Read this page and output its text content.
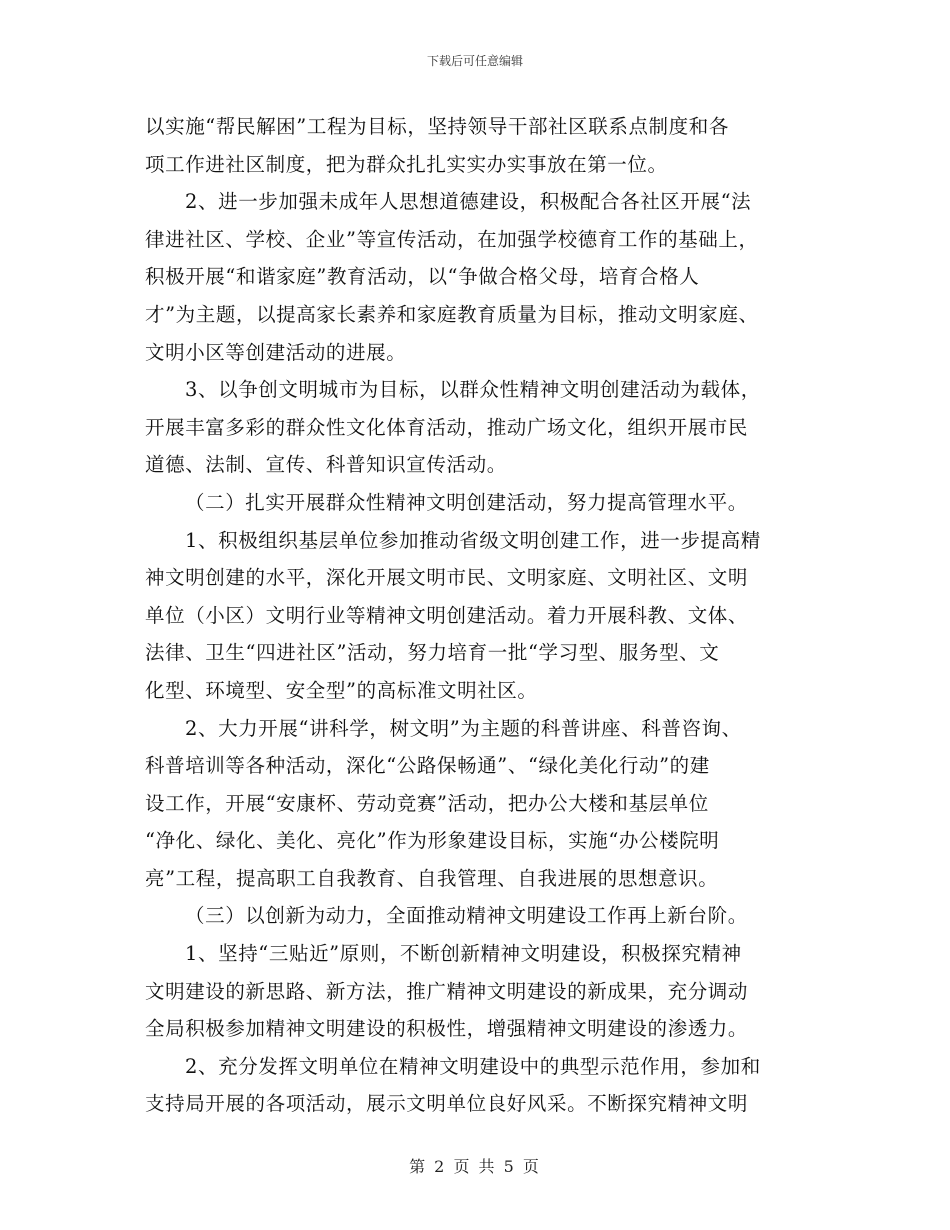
下载后可任意编辑
以实施“帮民解困”工程为目标，坚持领导干部社区联系点制度和各
项工作进社区制度，把为群众扎扎实实办实事放在第一位。
2、进一步加强未成年人思想道德建设，积极配合各社区开展“法
律进社区、学校、企业”等宣传活动，在加强学校德育工作的基础上，
积极开展“和谐家庭”教育活动，以“争做合格父母，培育合格人
才”为主题，以提高家长素养和家庭教育质量为目标，推动文明家庭、
文明小区等创建活动的进展。
3、以争创文明城市为目标，以群众性精神文明创建活动为载体，
开展丰富多彩的群众性文化体育活动，推动广场文化，组织开展市民
道德、法制、宣传、科普知识宣传活动。
（二）扎实开展群众性精神文明创建活动，努力提高管理水平。
1、积极组织基层单位参加推动省级文明创建工作，进一步提高精
神文明创建的水平，深化开展文明市民、文明家庭、文明社区、文明
单位（小区）文明行业等精神文明创建活动。着力开展科教、文体、
法律、卫生“四进社区”活动，努力培育一批“学习型、服务型、文
化型、环境型、安全型”的高标准文明社区。
2、大力开展“讲科学，树文明”为主题的科普讲座、科普咨询、
科普培训等各种活动，深化“公路保畅通”、“绿化美化行动”的建
设工作，开展“安康杯、劳动竞赛”活动，把办公大楼和基层单位
“净化、绿化、美化、亮化”作为形象建设目标，实施“办公楼院明
亮”工程，提高职工自我教育、自我管理、自我进展的思想意识。
（三）以创新为动力，全面推动精神文明建设工作再上新台阶。
1、坚持“三贴近”原则，不断创新精神文明建设，积极探究精神
文明建设的新思路、新方法，推广精神文明建设的新成果，充分调动
全局积极参加精神文明建设的积极性，增强精神文明建设的渗透力。
2、充分发挥文明单位在精神文明建设中的典型示范作用，参加和
支持局开展的各项活动，展示文明单位良好风采。不断探究精神文明
第 2 页 共 5 页
